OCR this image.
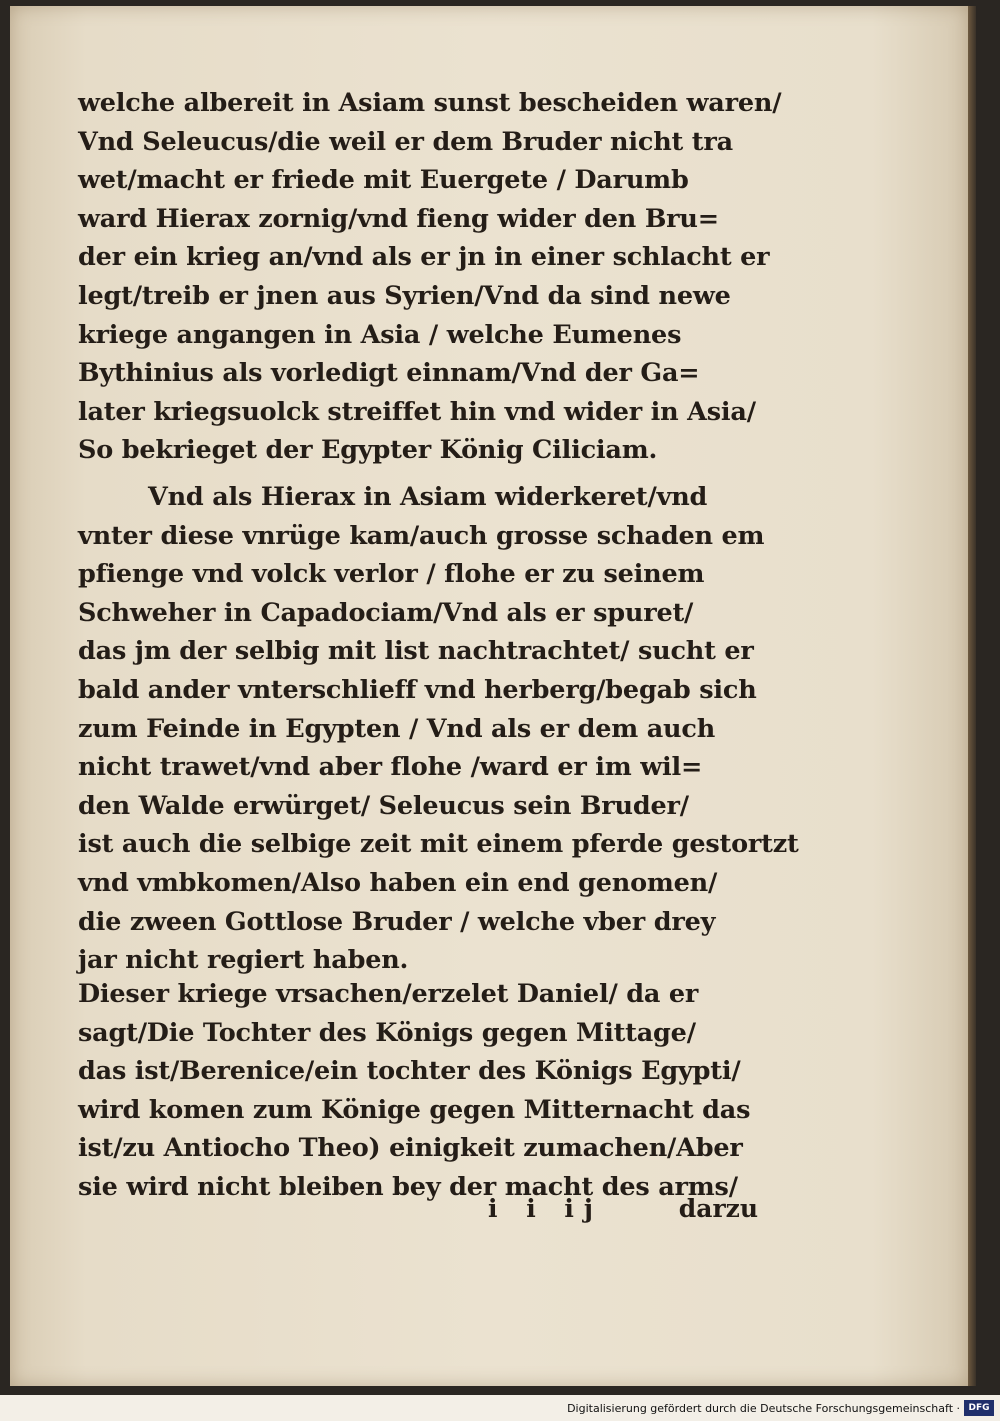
welche albereit in Asiam sunst bescheiden waren/
Vnd Seleucus/die weil er dem Bruder nicht tra
wet/macht er friede mit Euergete / Darumb
ward Hierax zornig/vnd fieng wider den Bru=
der ein krieg an/vnd als er jn in einer schlacht er
legt/treib er jnen aus Syrien/Vnd da sind newe
kriege angangen in Asia / welche Eumenes
Bythinius als vorledigt einnam/Vnd der Ga=
later kriegsuolck streiffet hin vnd wider in Asia/
So bekrieget der Egypter König Ciliciam.
Vnd als Hierax in Asiam widerkeret/vnd
vnter diese vnrüge kam/auch grosse schaden em
pfienge vnd volck verlor / flohe er zu seinem
Schweher in Capadociam/Vnd als er spuret/
das jm der selbig mit list nachtrachtet/ sucht er
bald ander vnterschlieff vnd herberg/begab sich
zum Feinde in Egypten / Vnd als er dem auch
nicht trawet/vnd aber flohe /ward er im wil=
den Walde erwürget/ Seleucus sein Bruder/
ist auch die selbige zeit mit einem pferde gestortzt
vnd vmbkomen/Also haben ein end genomen/
die zween Gottlose Bruder / welche vber drey
jar nicht regiert haben.
Dieser kriege vrsachen/erzelet Daniel/ da er
sagt/Die Tochter des Königs gegen Mittage/
das ist/Berenice/ein tochter des Königs Egypti/
wird komen zum Könige gegen Mitternacht das
ist/zu Antiocho Theo) einigkeit zumachen/Aber
sie wird nicht bleiben bey der macht des arms/
i i ij	darzu
Digitalisierung gefördert durch die Deutsche Forschungsgemeinschaft · DFG
